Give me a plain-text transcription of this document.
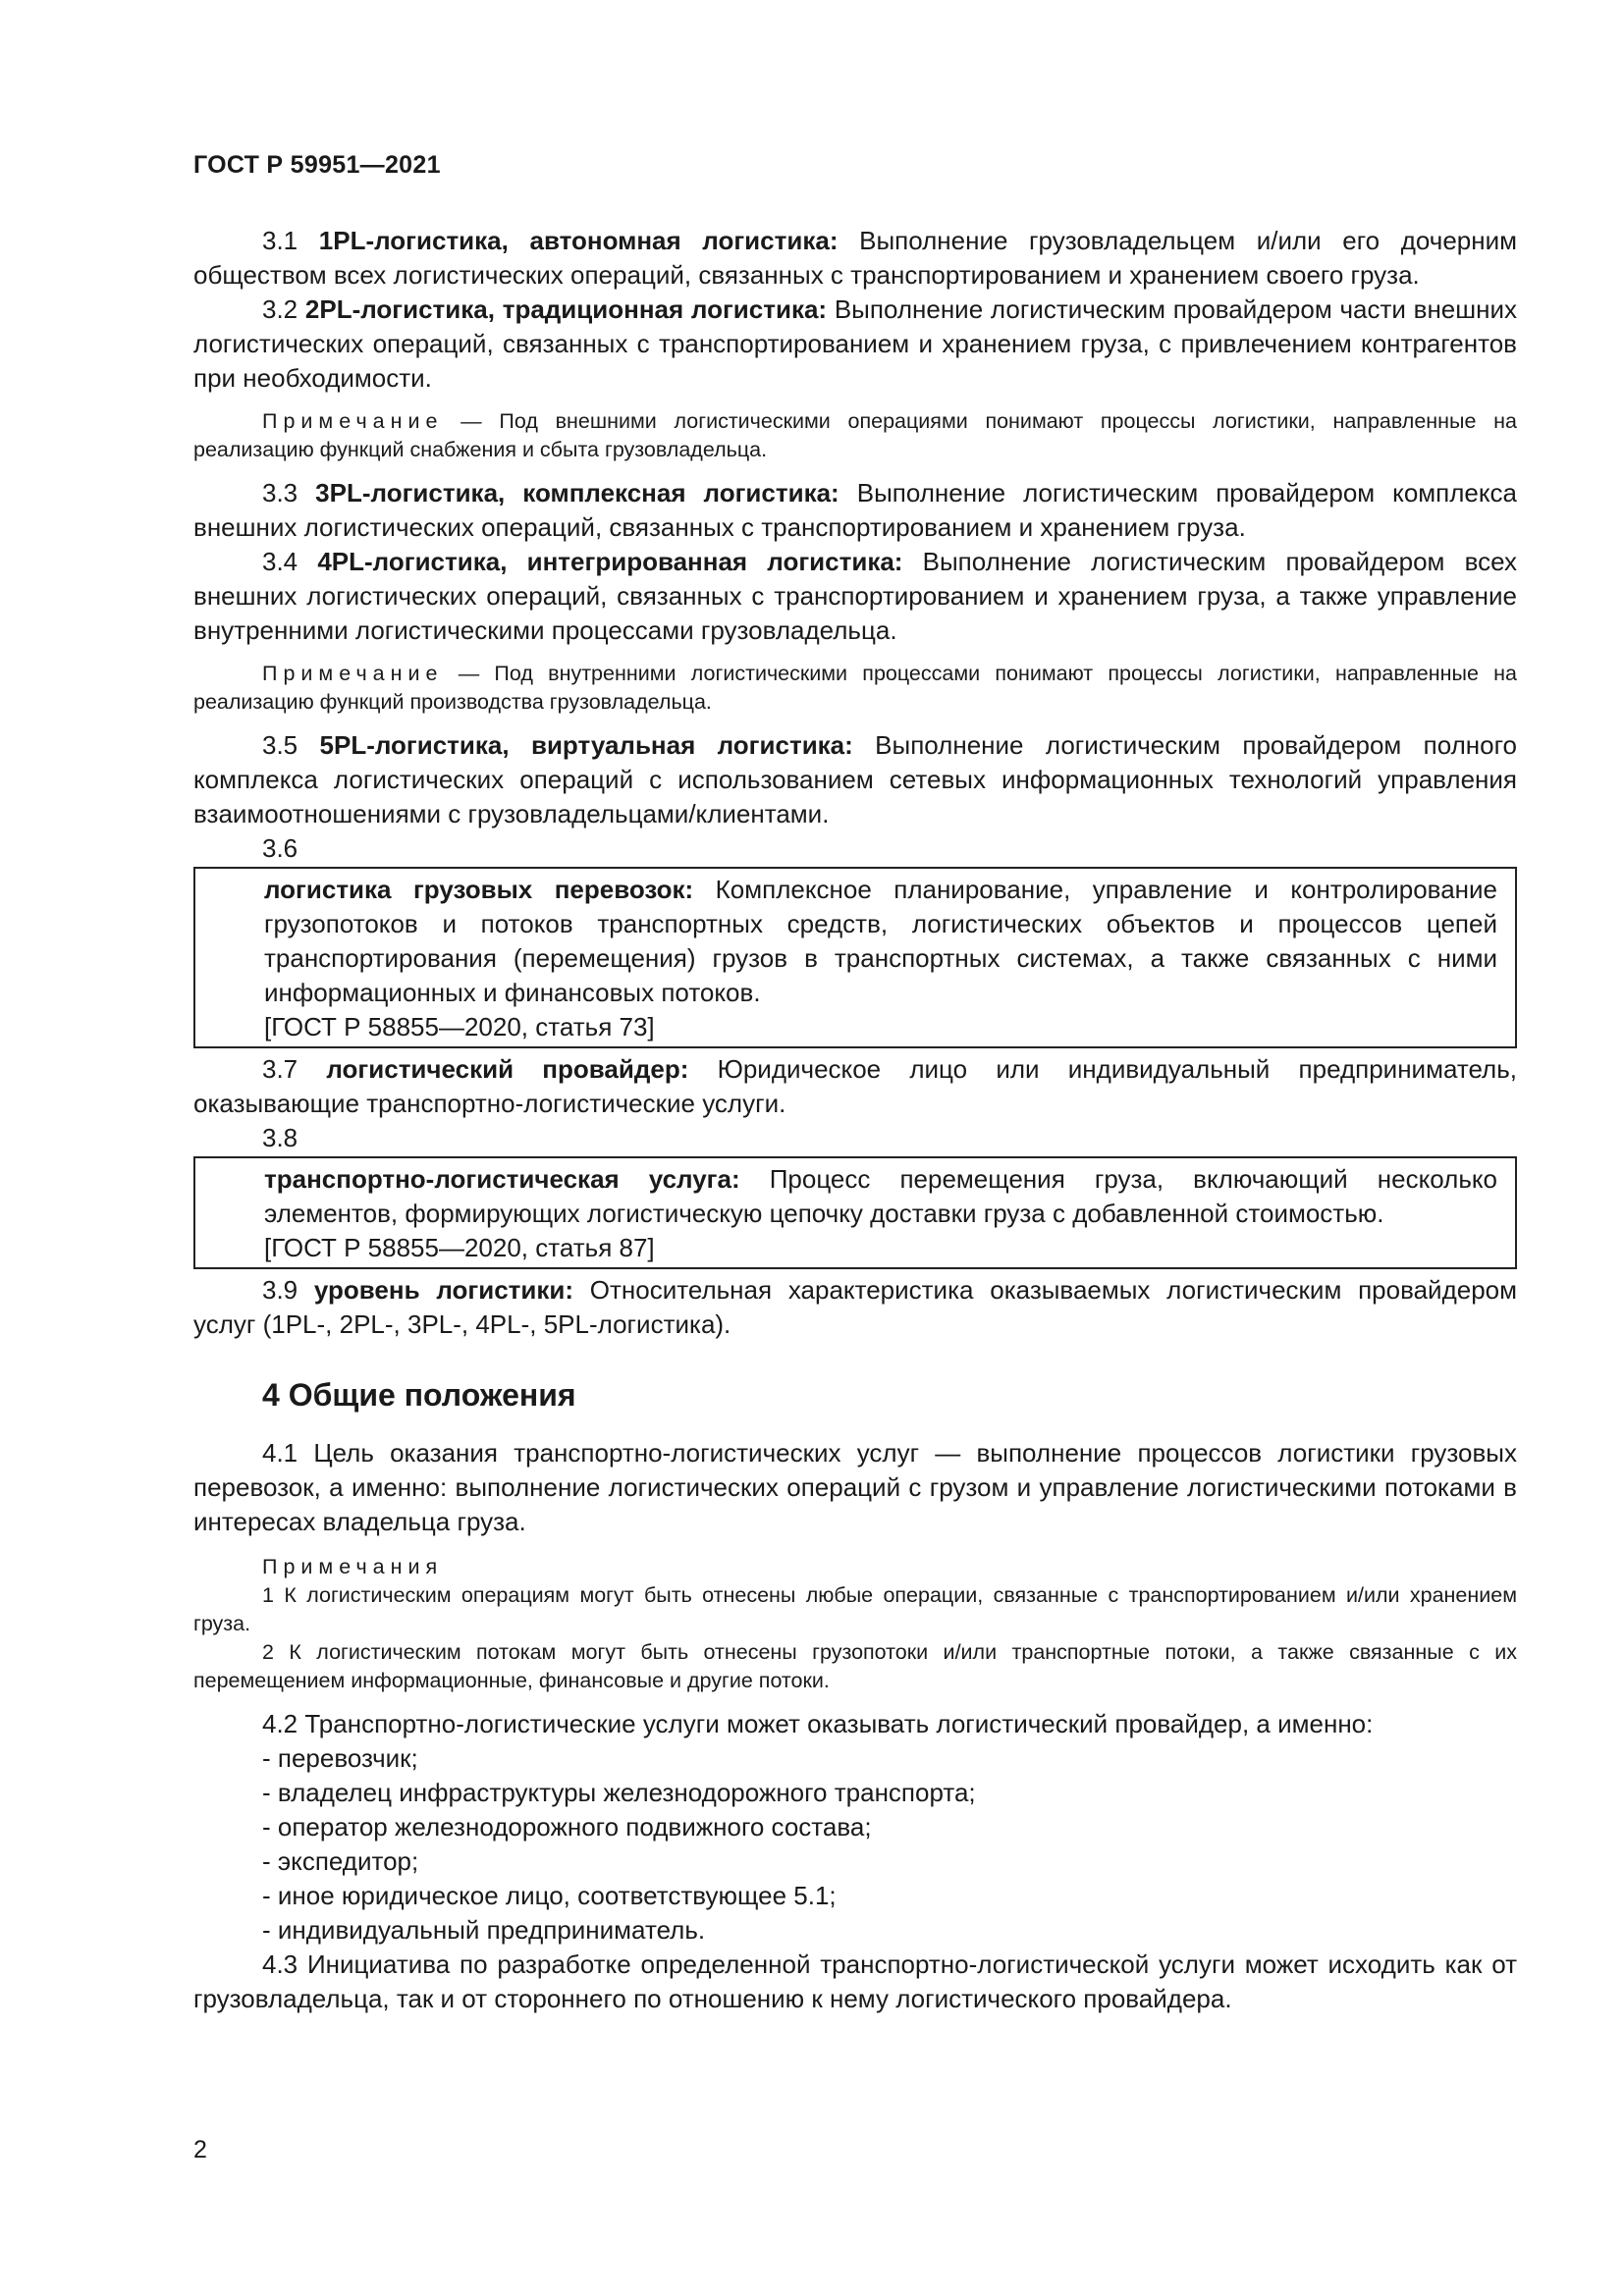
ГОСТ Р 59951—2021

3.1 1PL-логистика, автономная логистика: Выполнение грузовладельцем и/или его дочерним обществом всех логистических операций, связанных с транспортированием и хранением своего груза.

3.2 2PL-логистика, традиционная логистика: Выполнение логистическим провайдером части внешних логистических операций, связанных с транспортированием и хранением груза, с привлечением контрагентов при необходимости.

Примечание — Под внешними логистическими операциями понимают процессы логистики, направленные на реализацию функций снабжения и сбыта грузовладельца.

3.3 3PL-логистика, комплексная логистика: Выполнение логистическим провайдером комплекса внешних логистических операций, связанных с транспортированием и хранением груза.

3.4 4PL-логистика, интегрированная логистика: Выполнение логистическим провайдером всех внешних логистических операций, связанных с транспортированием и хранением груза, а также управление внутренними логистическими процессами грузовладельца.

Примечание — Под внутренними логистическими процессами понимают процессы логистики, направленные на реализацию функций производства грузовладельца.

3.5 5PL-логистика, виртуальная логистика: Выполнение логистическим провайдером полного комплекса логистических операций с использованием сетевых информационных технологий управления взаимоотношениями с грузовладельцами/клиентами.

3.6

логистика грузовых перевозок: Комплексное планирование, управление и контролирование грузопотоков и потоков транспортных средств, логистических объектов и процессов цепей транспортирования (перемещения) грузов в транспортных системах, а также связанных с ними информационных и финансовых потоков.

[ГОСТ Р 58855—2020, статья 73]

3.7 логистический провайдер: Юридическое лицо или индивидуальный предприниматель, оказывающие транспортно-логистические услуги.

3.8

транспортно-логистическая услуга: Процесс перемещения груза, включающий несколько элементов, формирующих логистическую цепочку доставки груза с добавленной стоимостью.

[ГОСТ Р 58855—2020, статья 87]

3.9 уровень логистики: Относительная характеристика оказываемых логистическим провайдером услуг (1PL-, 2PL-, 3PL-, 4PL-, 5PL-логистика).

4 Общие положения

4.1 Цель оказания транспортно-логистических услуг — выполнение процессов логистики грузовых перевозок, а именно: выполнение логистических операций с грузом и управление логистическими потоками в интересах владельца груза.

Примечания

1 К логистическим операциям могут быть отнесены любые операции, связанные с транспортированием и/или хранением груза.

2 К логистическим потокам могут быть отнесены грузопотоки и/или транспортные потоки, а также связанные с их перемещением информационные, финансовые и другие потоки.

4.2 Транспортно-логистические услуги может оказывать логистический провайдер, а именно:

- перевозчик;
- владелец инфраструктуры железнодорожного транспорта;
- оператор железнодорожного подвижного состава;
- экспедитор;
- иное юридическое лицо, соответствующее 5.1;
- индивидуальный предприниматель.

4.3 Инициатива по разработке определенной транспортно-логистической услуги может исходить как от грузовладельца, так и от стороннего по отношению к нему логистического провайдера.

2
